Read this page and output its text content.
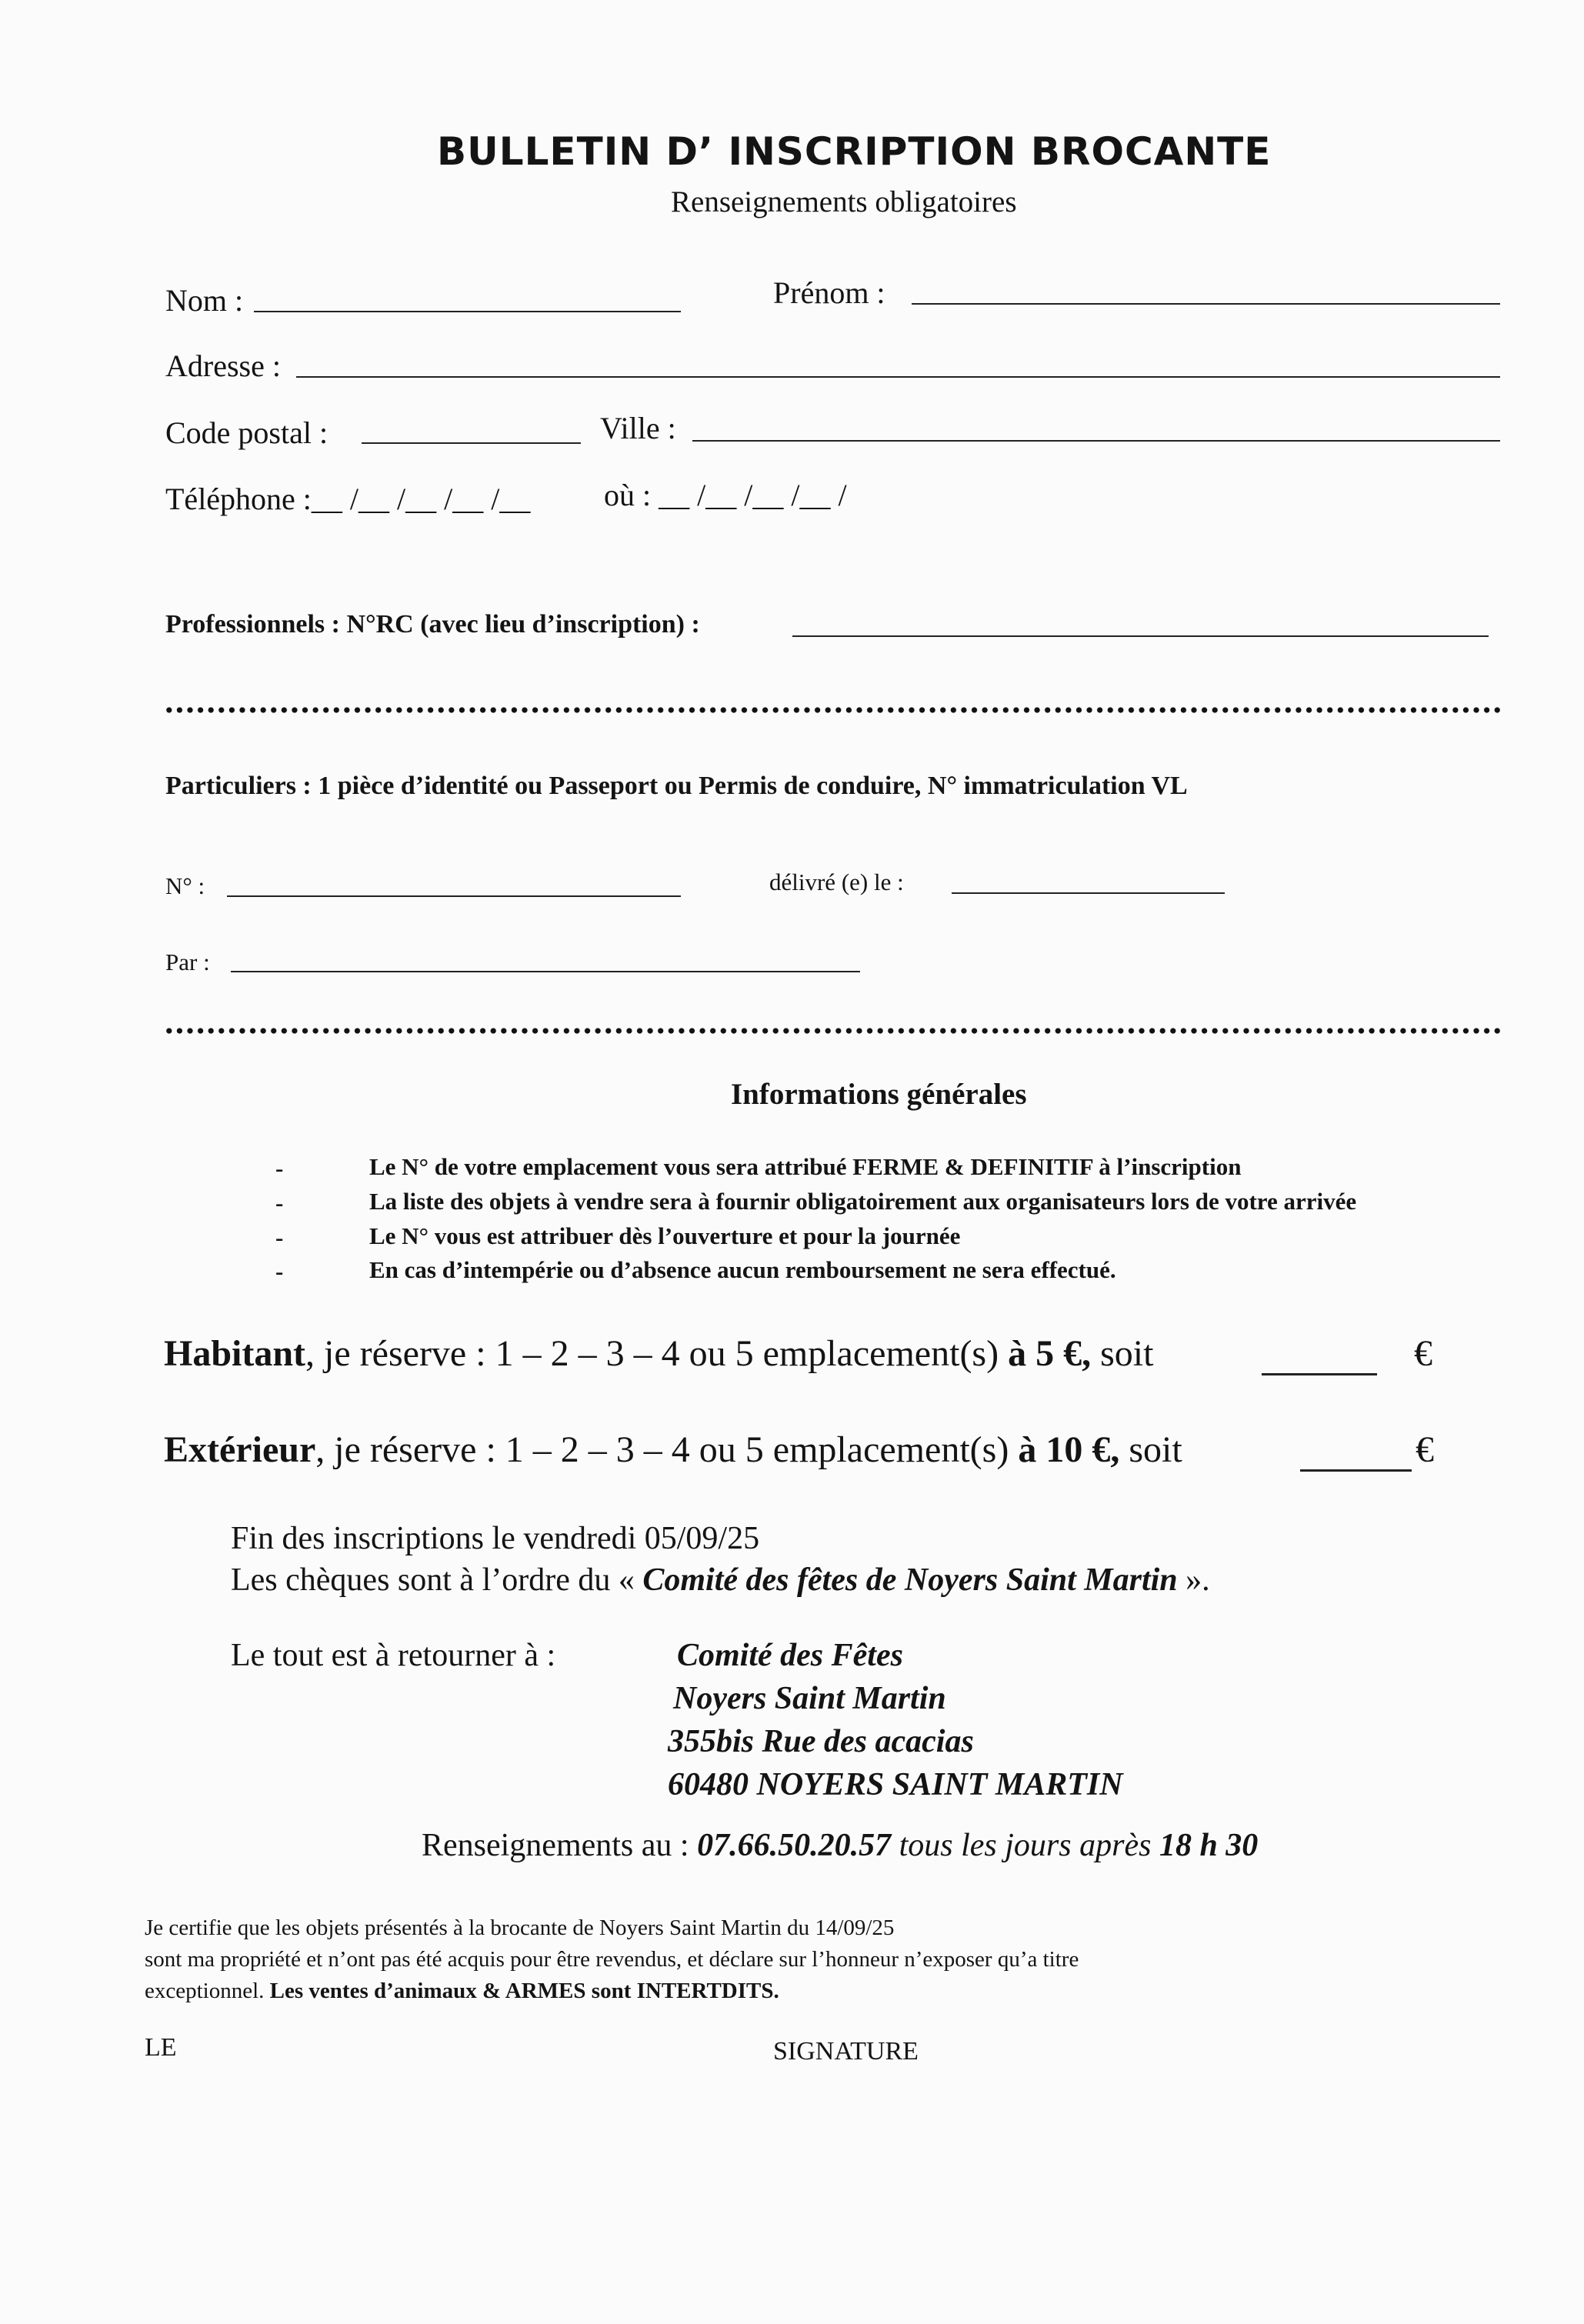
BULLETIN D’ INSCRIPTION BROCANTE
Renseignements obligatoires
Nom :	Prénom :
Adresse :
Code postal :	Ville :
Téléphone :__ /__ /__ /__ /__ où : __ /__ /__ /__ /
Professionnels : N°RC (avec lieu d’inscription) :
Particuliers : 1 pièce d’identité ou Passeport ou Permis de conduire, N° immatriculation VL
N° :	délivré (e) le :
Par :
Informations générales
-	Le N° de votre emplacement vous sera attribué FERME & DEFINITIF à l’inscription
-	La liste des objets à vendre sera à fournir obligatoirement aux organisateurs lors de votre arrivée
-	Le N° vous est attribuer dès l’ouverture et pour la journée
-	En cas d’intempérie ou d’absence aucun remboursement ne sera effectué.
Habitant, je réserve : 1 – 2 – 3 – 4 ou 5 emplacement(s) à 5 €, soit	€
Extérieur, je réserve : 1 – 2 – 3 – 4 ou 5 emplacement(s) à 10 €, soit	€
Fin des inscriptions le vendredi 05/09/25
Les chèques sont à l’ordre du « Comité des fêtes de Noyers Saint Martin ».
Le tout est à retourner à :	Comité des Fêtes
Noyers Saint Martin
355bis Rue des acacias
60480 NOYERS SAINT MARTIN
Renseignements au : 07.66.50.20.57 tous les jours après 18 h 30
Je certifie que les objets présentés à la brocante de Noyers Saint Martin du 14/09/25
sont ma propriété et n’ont pas été acquis pour être revendus, et déclare sur l’honneur n’exposer qu’a titre
exceptionnel. Les ventes d’animaux & ARMES sont INTERTDITS.
LE	SIGNATURE
